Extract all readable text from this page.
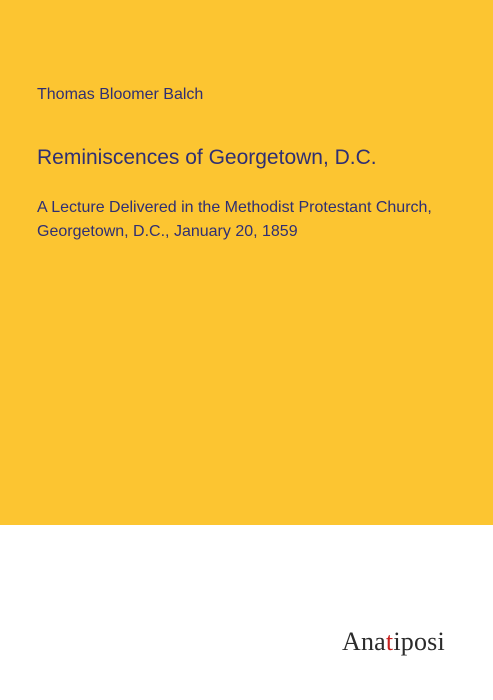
Thomas Bloomer Balch
Reminiscences of Georgetown, D.C.
A Lecture Delivered in the Methodist Protestant Church, Georgetown, D.C., January 20, 1859
Anatiposi
